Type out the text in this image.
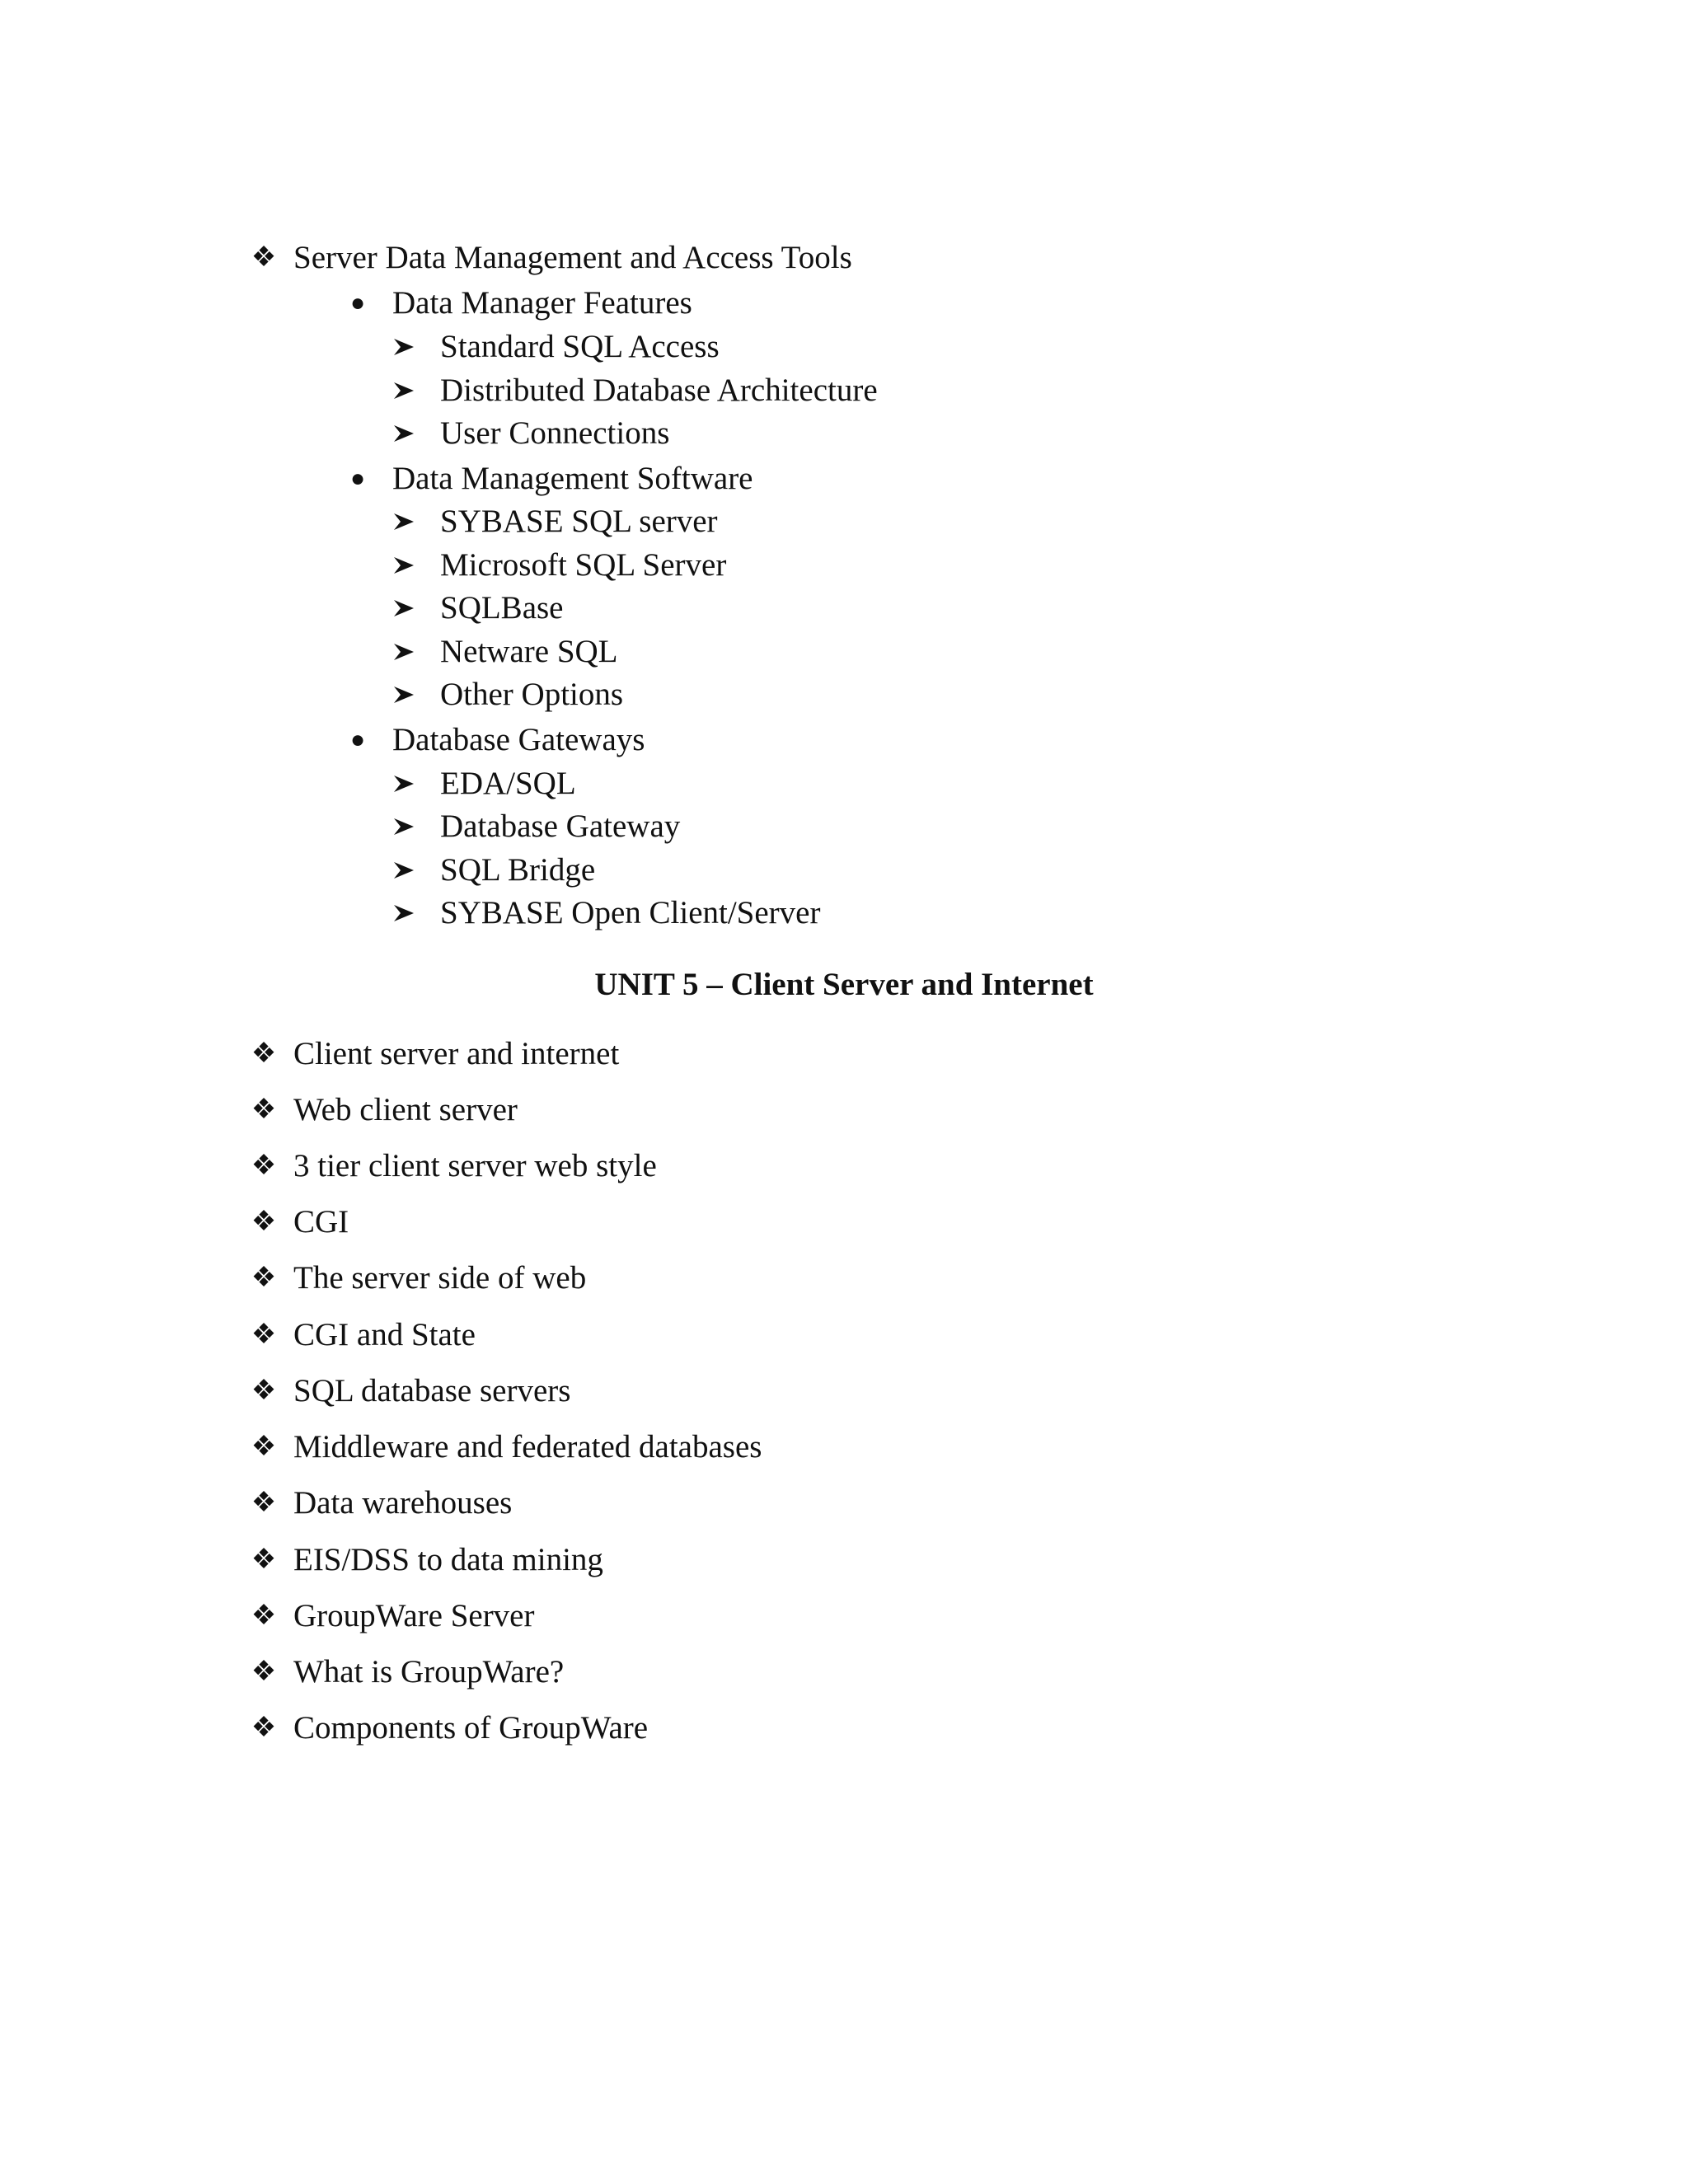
❖ Server Data Management and Access Tools
● Data Manager Features
Standard SQL Access
Distributed Database Architecture
User Connections
● Data Management Software
SYBASE SQL server
Microsoft SQL Server
SQLBase
Netware SQL
Other Options
● Database Gateways
EDA/SQL
Database Gateway
SQL Bridge
SYBASE Open Client/Server
UNIT 5 – Client Server and Internet
❖ Client server and internet
❖ Web client server
❖ 3 tier client server web style
❖ CGI
❖ The server side of web
❖ CGI and State
❖ SQL database servers
❖ Middleware and federated databases
❖ Data warehouses
❖ EIS/DSS to data mining
❖ GroupWare Server
❖ What is GroupWare?
❖ Components of GroupWare
